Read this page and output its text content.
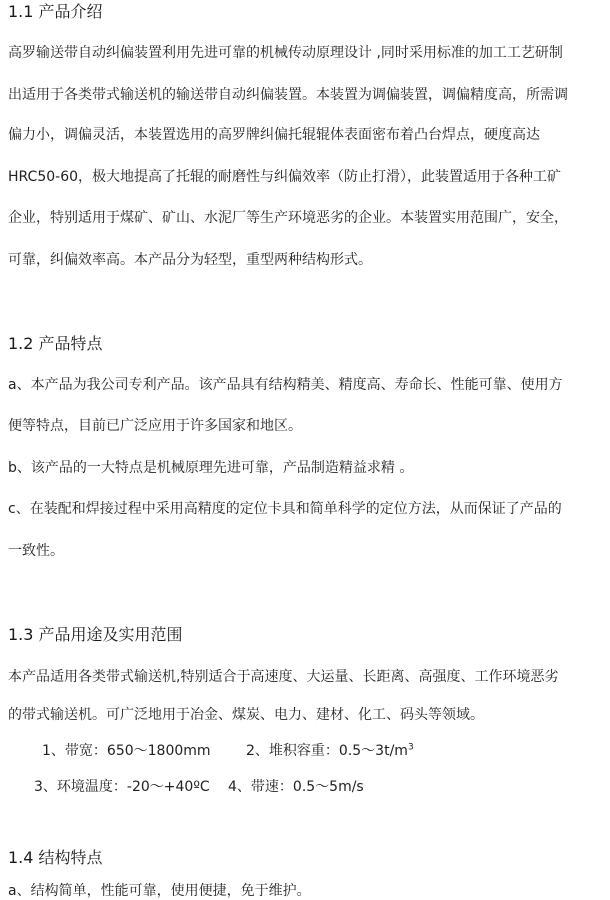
1.1 产品介绍
高罗输送带自动纠偏装置利用先进可靠的机械传动原理设计 ,同时采用标准的加工工艺研制
出适用于各类带式输送机的输送带自动纠偏装置。本装置为调偏装置，调偏精度高，所需调
偏力小，调偏灵活，本装置选用的高罗牌纠偏托辊辊体表面密布着凸台焊点，硬度高达
HRC50-60，极大地提高了托辊的耐磨性与纠偏效率（防止打滑），此装置适用于各种工矿
企业，特别适用于煤矿、矿山、水泥厂等生产环境恶劣的企业。本装置实用范围广，安全，
可靠，纠偏效率高。本产品分为轻型，重型两种结构形式。
1.2 产品特点
a、本产品为我公司专利产品。该产品具有结构精美、精度高、寿命长、性能可靠、使用方
便等特点，目前已广泛应用于许多国家和地区。
b、该产品的一大特点是机械原理先进可靠，产品制造精益求精 。
c、在装配和焊接过程中采用高精度的定位卡具和简单科学的定位方法，从而保证了产品的
一致性。
1.3 产品用途及实用范围
本产品适用各类带式输送机,特别适合于高速度、大运量、长距离、高强度、工作环境恶劣
的带式输送机。可广泛地用于冶金、煤炭、电力、建材、化工、码头等领域。
1、带宽：650～1800mm	2、堆积容重：$0.5\sim 3t/m^3$
3、环境温度：-20～+40ºC 4、带速：0.5～5m/s
1.4 结构特点
a、结构简单，性能可靠，使用便捷，免于维护。
